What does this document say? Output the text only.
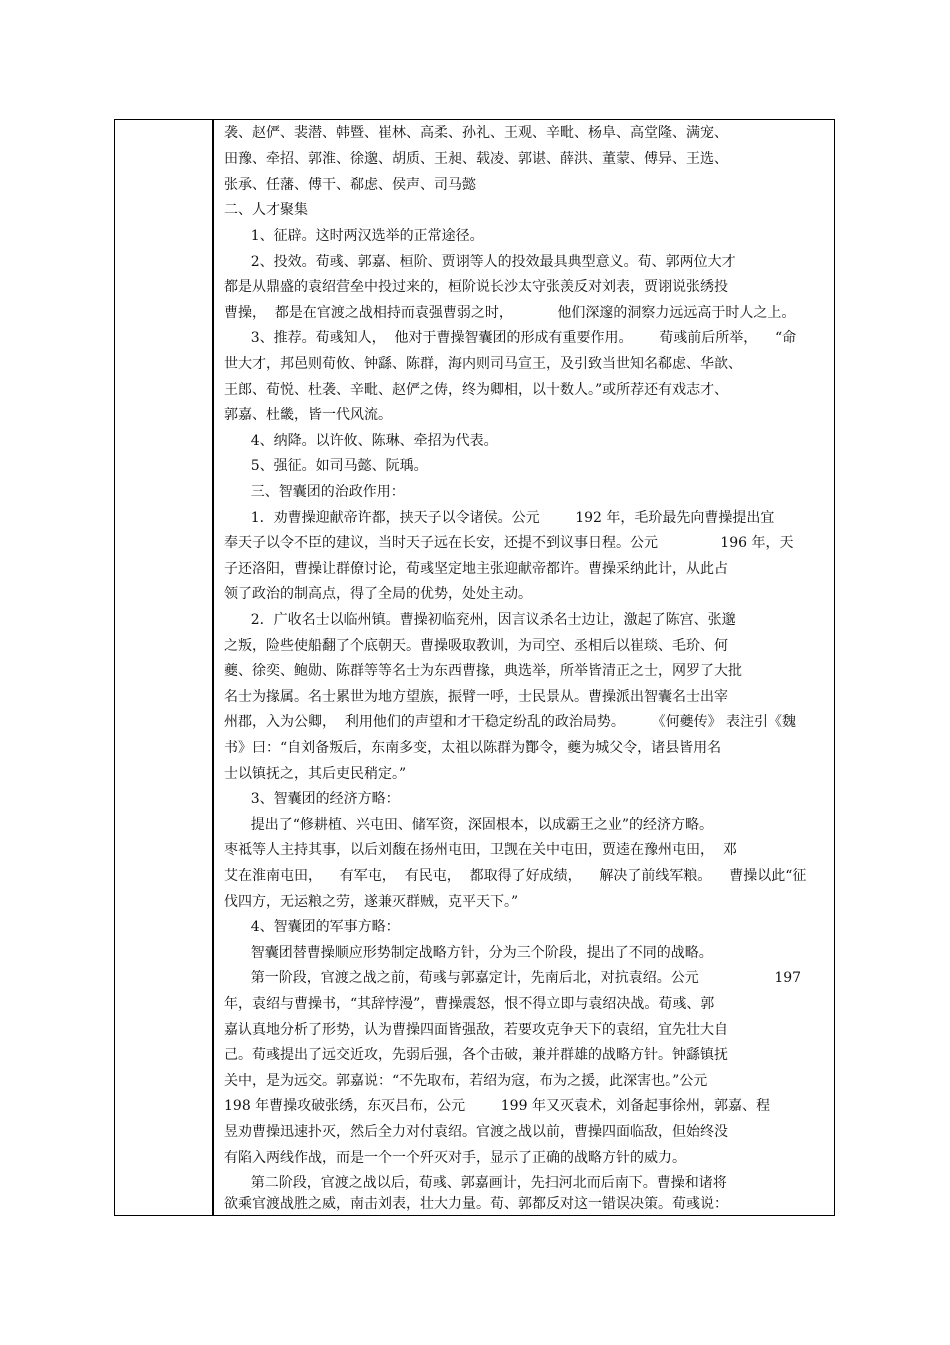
袭、赵俨、裴潜、韩暨、崔林、高柔、孙礼、王观、辛毗、杨阜、高堂隆、满宠、
田豫、牵招、郭淮、徐邈、胡质、王昶、载凌、郭谌、薛洪、董蒙、傅异、王选、
张承、任藩、傅干、郗虑、侯声、司马懿
二、人才聚集
1、征辟。这时两汉选举的正常途径。
2、投效。荀彧、郭嘉、桓阶、贾诩等人的投效最具典型意义。荀、郭两位大才
都是从鼎盛的袁绍营垒中投过来的，桓阶说长沙太守张羡反对刘表，贾诩说张绣投
曹操，  都是在官渡之战相持而袁强曹弱之时，          他们深邃的洞察力远远高于时人之上。
3、推荐。荀彧知人，  他对于曹操智囊团的形成有重要作用。      荀彧前后所举，    “命
世大才，邦邑则荀攸、钟繇、陈群，海内则司马宣王，及引致当世知名郗虑、华歆、
王郎、荀悦、杜袭、辛毗、赵俨之俦，终为卿相，以十数人。”或所荐还有戏志才、
郭嘉、杜畿，皆一代风流。
4、纳降。以许攸、陈琳、牵招为代表。
5、强征。如司马懿、阮瑀。
三、智囊团的治政作用：
1．劝曹操迎献帝许都，挟天子以令诸侯。公元        192 年，毛玠最先向曹操提出宜
奉天子以令不臣的建议，当时天子远在长安，还提不到议事日程。公元              196 年，天
子还洛阳，曹操让群僚讨论，荀彧坚定地主张迎献帝都许。曹操采纳此计，从此占
领了政治的制高点，得了全局的优势，处处主动。
2．广收名士以临州镇。曹操初临兖州，因言议杀名士边让，激起了陈宫、张邈
之叛，险些使船翻了个底朝天。曹操吸取教训，为司空、丞相后以崔琰、毛玠、何
夔、徐奕、鲍勋、陈群等等名士为东西曹掾，典选举，所举皆清正之士，网罗了大批
名士为掾属。名士累世为地方望族，振臂一呼，士民景从。曹操派出智囊名士出宰
州郡，入为公卿，  利用他们的声望和才干稳定纷乱的政治局势。      《何夔传》 表注引《魏
书》曰：“自刘备叛后，东南多变，太祖以陈群为酇令，夔为城父令，诸县皆用名
士以镇抚之，其后吏民稍定。”
3、智囊团的经济方略：
提出了“修耕植、兴屯田、储军资，深固根本，以成霸王之业”的经济方略。
枣祗等人主持其事，以后刘馥在扬州屯田，卫觊在关中屯田，贾逵在豫州屯田，  邓
艾在淮南屯田，    有军屯，  有民屯，  都取得了好成绩，    解决了前线军粮。    曹操以此“征
伐四方，无运粮之劳，遂兼灭群贼，克平天下。”
4、智囊团的军事方略：
智囊团替曹操顺应形势制定战略方针，分为三个阶段，提出了不同的战略。
第一阶段，官渡之战之前，荀彧与郭嘉定计，先南后北，对抗袁绍。公元                 197
年，袁绍与曹操书，“其辞悖漫”，曹操震怒，恨不得立即与袁绍决战。荀彧、郭
嘉认真地分析了形势，认为曹操四面皆强敌，若要攻克争天下的袁绍，宜先壮大自
己。荀彧提出了远交近攻，先弱后强，各个击破，兼并群雄的战略方针。钟繇镇抚
关中，是为远交。郭嘉说：“不先取布，若绍为寇，布为之援，此深害也。”公元
198 年曹操攻破张绣，东灭吕布，公元        199 年又灭袁术，刘备起事徐州，郭嘉、程
昱劝曹操迅速扑灭，然后全力对付袁绍。官渡之战以前，曹操四面临敌，但始终没
有陷入两线作战，而是一个一个歼灭对手，显示了正确的战略方针的威力。
第二阶段，官渡之战以后，荀彧、郭嘉画计，先扫河北而后南下。曹操和诸将
欲乘官渡战胜之威，南击刘表，壮大力量。荀、郭都反对这一错误决策。荀彧说：
